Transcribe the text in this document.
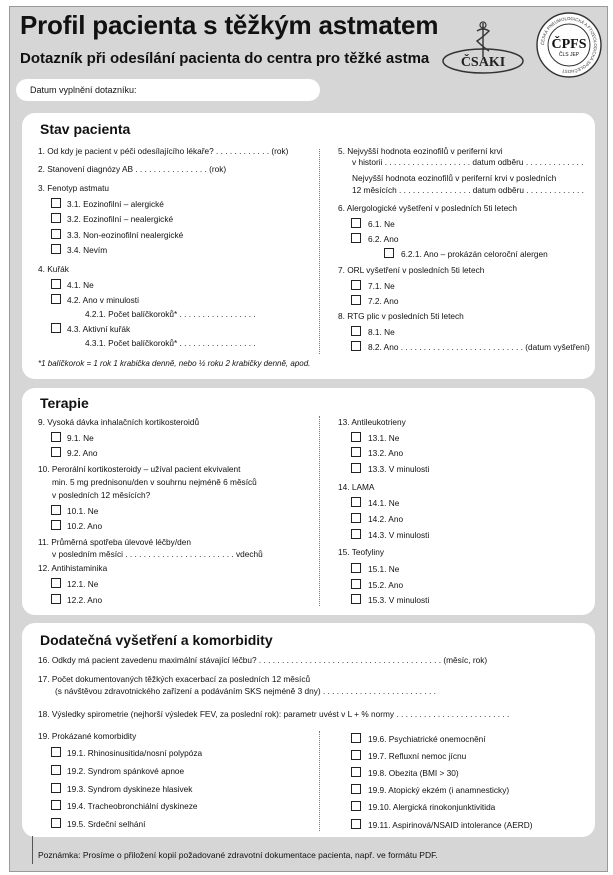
Profil pacienta s těžkým astmatem
Dotazník při odesílání pacienta do centra pro těžké astma
Datum vyplnění dotazníku:
ČSAKI
ČESKÁ PNEUMOLOGICKÁ A FTIZEOLOGICKÁ SPOLEČNOST
ČPFS
ČLS JEP
Stav pacienta
1. Od kdy je pacient v péči odesílajícího lékaře? . . . . . . . . . . . . (rok)
2. Stanovení diagnózy AB . . . . . . . . . . . . . . . . (rok)
3. Fenotyp astmatu
3.1. Eozinofilní – alergické
3.2. Eozinofilní – nealergické
3.3. Non-eozinofilní nealergické
3.4. Nevím
4. Kuřák
4.1. Ne
4.2. Ano v minulosti
4.2.1. Počet balíčkoroků* . . . . . . . . . . . . . . . . .
4.3. Aktivní kuřák
4.3.1. Počet balíčkoroků* . . . . . . . . . . . . . . . . .
*1 balíčkorok = 1 rok 1 krabička denně, nebo ½ roku 2 krabičky denně, apod.
5. Nejvyšší hodnota eozinofilů v periferní krvi
v historii . . . . . . . . . . . . . . . . . . . datum odběru . . . . . . . . . . . . .
Nejvyšší hodnota eozinofilů v periferní krvi v posledních
12 měsících . . . . . . . . . . . . . . . . datum odběru . . . . . . . . . . . . .
6. Alergologické vyšetření v posledních 5ti letech
6.1. Ne
6.2. Ano
6.2.1. Ano – prokázán celoroční alergen
7. ORL vyšetření v posledních 5ti letech
7.1. Ne
7.2. Ano
8. RTG plic v posledních 5ti letech
8.1. Ne
8.2. Ano . . . . . . . . . . . . . . . . . . . . . . . . . . . (datum vyšetření)
Terapie
9. Vysoká dávka inhalačních kortikosteroidů
9.1. Ne
9.2. Ano
10. Perorální kortikosteroidy – užíval pacient ekvivalent
min. 5 mg prednisonu/den v souhrnu nejméně 6 měsíců
v posledních 12 měsících?
10.1. Ne
10.2. Ano
11. Průměrná spotřeba úlevové léčby/den
v posledním měsíci . . . . . . . . . . . . . . . . . . . . . . . . vdechů
12. Antihistaminika
12.1. Ne
12.2. Ano
13. Antileukotrieny
13.1. Ne
13.2. Ano
13.3. V minulosti
14. LAMA
14.1. Ne
14.2. Ano
14.3. V minulosti
15. Teofyliny
15.1. Ne
15.2. Ano
15.3. V minulosti
Dodatečná vyšetření a komorbidity
16. Odkdy má pacient zavedenu maximální stávající léčbu? . . . . . . . . . . . . . . . . . . . . . . . . . . . . . . . . . . . . . . . . (měsíc, rok)
17. Počet dokumentovaných těžkých exacerbací za posledních 12 měsíců
(s návštěvou zdravotnického zařízení a podáváním SKS nejméně 3 dny) . . . . . . . . . . . . . . . . . . . . . . . . .
18. Výsledky spirometrie (nejhorší výsledek FEV, za poslední rok): parametr uvést v L + % normy . . . . . . . . . . . . . . . . . . . . . . . . .
19. Prokázané komorbidity
19.1. Rhinosinusitida/nosní polypóza
19.2. Syndrom spánkové apnoe
19.3. Syndrom dyskineze hlasivek
19.4. Tracheobronchiální dyskineze
19.5. Srdeční selhání
19.6. Psychiatrické onemocnění
19.7. Refluxní nemoc jícnu
19.8. Obezita (BMI > 30)
19.9. Atopický ekzém (i anamnesticky)
19.10. Alergická rinokonjunktivitida
19.11. Aspirinová/NSAID intolerance (AERD)
Poznámka: Prosíme o přiložení kopií požadované zdravotní dokumentace pacienta, např. ve formátu PDF.
